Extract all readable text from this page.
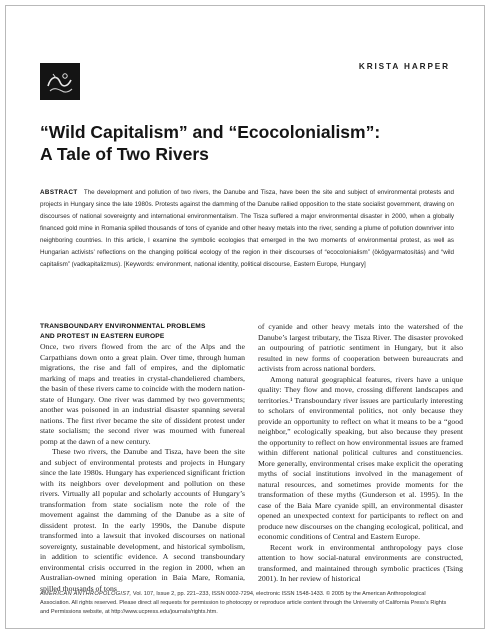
KRISTA HARPER
“Wild Capitalism” and “Ecocolonialism”:
A Tale of Two Rivers
ABSTRACT The development and pollution of two rivers, the Danube and Tisza, have been the site and subject of environmental protests and projects in Hungary since the late 1980s. Protests against the damming of the Danube rallied opposition to the state socialist government, drawing on discourses of national sovereignty and international environmentalism. The Tisza suffered a major environmental disaster in 2000, when a globally financed gold mine in Romania spilled thousands of tons of cyanide and other heavy metals into the river, sending a plume of pollution downriver into neighboring countries. In this article, I examine the symbolic ecologies that emerged in the two moments of environmental protest, as well as Hungarian activists’ reflections on the changing political ecology of the region in their discourses of “ecocolonialism” (ökögyarmatosítás) and “wild capitalism” (vadkapitalizmus). [Keywords: environment, national identity, political discourse, Eastern Europe, Hungary]
TRANSBOUNDARY ENVIRONMENTAL PROBLEMS
AND PROTEST IN EASTERN EUROPE

Once, two rivers flowed from the arc of the Alps and the Carpathians down onto a great plain. Over time, through human migrations, the rise and fall of empires, and the diplomatic marking of maps and treaties in crystal-chandeliered chambers, the basin of these rivers came to coincide with the modern nation-state of Hungary. One river was dammed by two governments; another was poisoned in an industrial disaster spanning several nations. The first river became the site of dissident protest under state socialism; the second river was mourned with funereal pomp at the dawn of a new century.

These two rivers, the Danube and Tisza, have been the site and subject of environmental protests and projects in Hungary since the late 1980s. Hungary has experienced significant friction with its neighbors over development and pollution on these rivers. Virtually all popular and scholarly accounts of Hungary’s transformation from state socialism note the role of the movement against the damming of the Danube as a site of dissident protest. In the early 1990s, the Danube dispute transformed into a lawsuit that invoked discourses on national sovereignty, sustainable development, and historical symbolism, in addition to scientific evidence. A second transboundary environmental crisis occurred in the region in 2000, when an Australian-owned mining operation in Baia Mare, Romania, spilled thousands of tons

of cyanide and other heavy metals into the watershed of the Danube’s largest tributary, the Tisza River. The disaster provoked an outpouring of patriotic sentiment in Hungary, but it also resulted in new forms of cooperation between bureaucrats and activists from across national borders.

Among natural geographical features, rivers have a unique quality: They flow and move, crossing different landscapes and territories.¹ Transboundary river issues are particularly interesting to scholars of environmental politics, not only because they provide an opportunity to reflect on what it means to be a “good neighbor,” ecologically speaking, but also because they present the opportunity to reflect on how environmental issues are framed within different national political cultures and constituencies. More generally, environmental crises make explicit the operating myths of social institutions involved in the management of natural resources, and sometimes provide moments for the transformation of these myths (Gunderson et al. 1995). In the case of the Baia Mare cyanide spill, an environmental disaster opened an unexpected context for participants to reflect on and produce new discourses on the changing ecological, political, and economic conditions of Central and Eastern Europe.

Recent work in environmental anthropology pays close attention to how social-natural environments are constructed, transformed, and maintained through symbolic practices (Tsing 2001). In her review of historical

AMERICAN ANTHROPOLOGIST, Vol. 107, Issue 2, pp. 221–233, ISSN 0002-7294, electronic ISSN 1548-1433. © 2005 by the American Anthropological Association. All rights reserved. Please direct all requests for permission to photocopy or reproduce article content through the University of California Press’s Rights and Permissions website, at http://www.ucpress.edu/journals/rights.htm.
